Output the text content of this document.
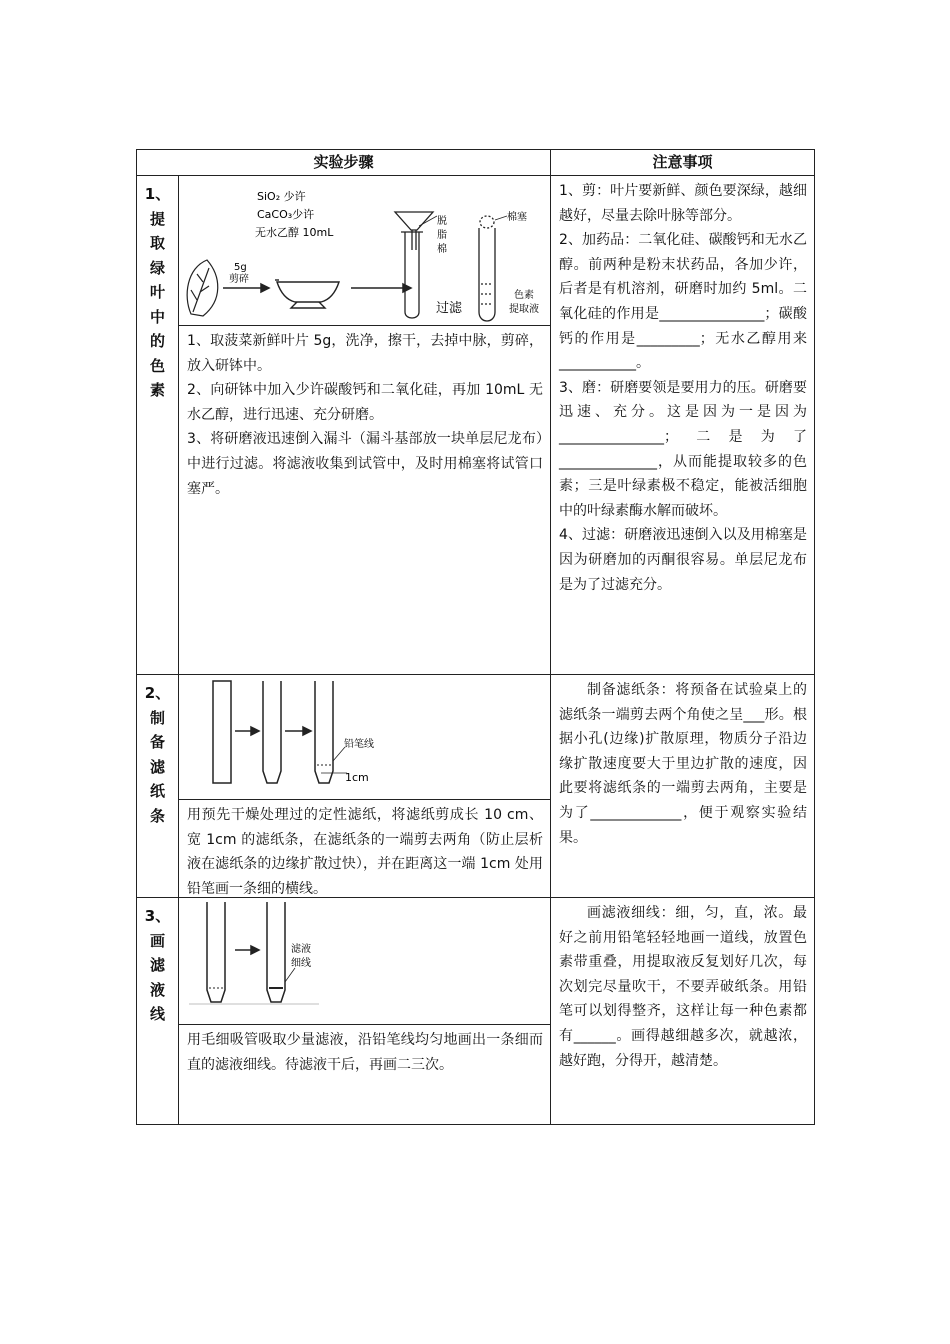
实验步骤	注意事项
1、
提
取
绿
叶
中
的
色
素
5g
剪碎
SiO₂ 少许
CaCO₃少许
无水乙醇 10mL
脱
脂
棉
过滤
棉塞
色素
提取液
1、取菠菜新鲜叶片 5g，洗净，擦干，去掉中脉，剪碎，放入研钵中。
2、向研钵中加入少许碳酸钙和二氧化硅，再加 10mL 无水乙醇，进行迅速、充分研磨。
3、将研磨液迅速倒入漏斗（漏斗基部放一块单层尼龙布）中进行过滤。将滤液收集到试管中，及时用棉塞将试管口塞严。
1、剪：叶片要新鲜、颜色要深绿，越细越好，尽量去除叶脉等部分。
2、加药品：二氧化硅、碳酸钙和无水乙醇。前两种是粉末状药品，各加少许，后者是有机溶剂，研磨时加约 5ml。二氧化硅的作用是_______________；碳酸钙的作用是_________；无水乙醇用来___________。
3、磨：研磨要领是要用力的压。研磨要迅速、充分。这是因为一是因为 _______________；二是为了 ______________，从而能提取较多的色素；三是叶绿素极不稳定，能被活细胞中的叶绿素酶水解而破坏。
4、过滤：研磨液迅速倒入以及用棉塞是因为研磨加的丙酮很容易。单层尼龙布是为了过滤充分。
2、
制
备
滤
纸
条
铅笔线
1cm
用预先干燥处理过的定性滤纸，将滤纸剪成长 10 cm、宽 1cm 的滤纸条，在滤纸条的一端剪去两角（防止层析液在滤纸条的边缘扩散过快），并在距离这一端 1cm 处用铅笔画一条细的横线。
制备滤纸条：将预备在试验桌上的滤纸条一端剪去两个角使之呈___形。根据小孔(边缘)扩散原理，物质分子沿边缘扩散速度要大于里边扩散的速度，因此要将滤纸条的一端剪去两角，主要是为了_____________，便于观察实验结果。
3、
画
滤
液
线
滤液
细线
用毛细吸管吸取少量滤液，沿铅笔线均匀地画出一条细而直的滤液细线。待滤液干后，再画二三次。
画滤液细线：细，匀，直，浓。最好之前用铅笔轻轻地画一道线，放置色素带重叠，用提取液反复划好几次，每次划完尽量吹干，不要弄破纸条。用铅笔可以划得整齐，这样让每一种色素都有______。画得越细越多次，就越浓，越好跑，分得开，越清楚。
